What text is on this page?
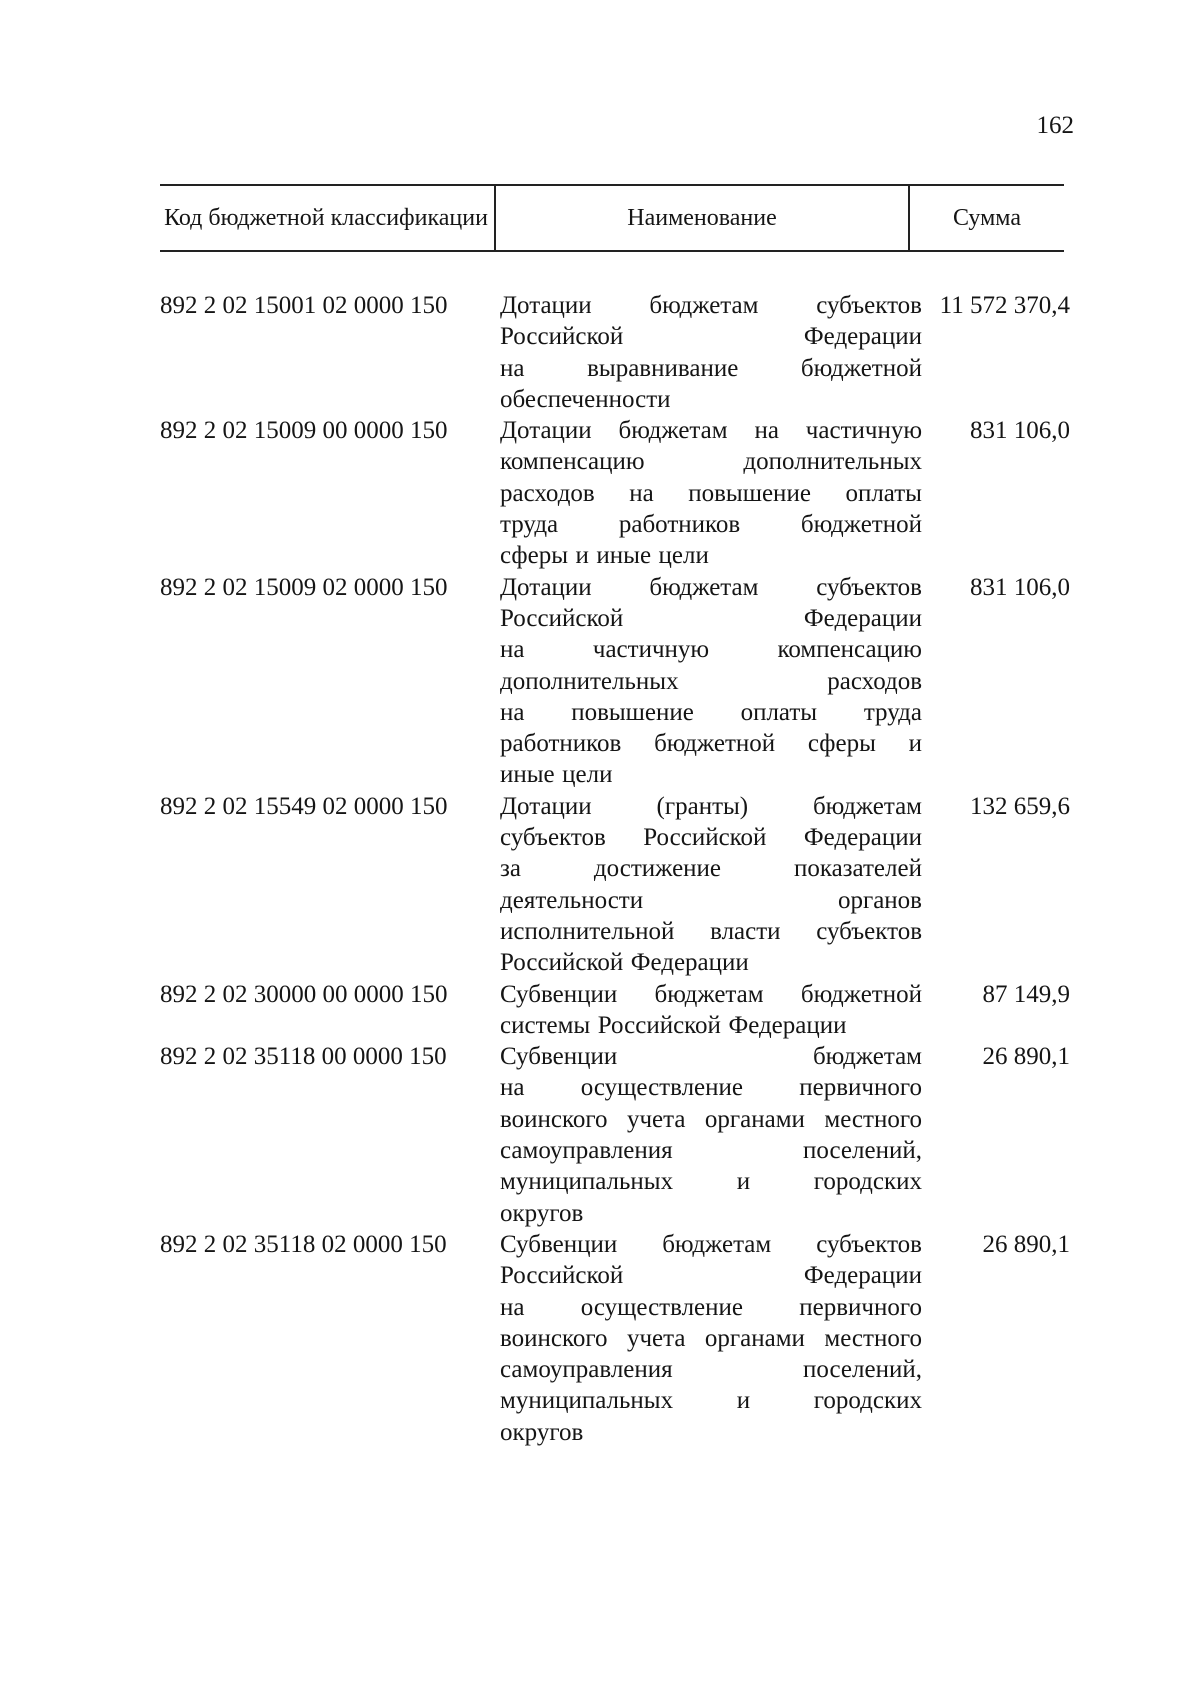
162
Код бюджетной классификации	Наименование	Сумма
892 2 02 15001 02 0000 150	Дотации бюджетам субъектов
Российской	Федерации
на	выравнивание	бюджетной
обеспеченности
11 572 370,4
892 2 02 15009 00 0000 150	Дотации бюджетам на частичную
компенсацию	дополнительных
расходов на повышение оплаты
труда работников бюджетной
сферы и иные цели
831 106,0
892 2 02 15009 02 0000 150	Дотации бюджетам субъектов
Российской	Федерации
на	частичную	компенсацию
дополнительных	расходов
на повышение оплаты труда
работников бюджетной сферы и
иные цели
831 106,0
892 2 02 15549 02 0000 150	Дотации	(гранты)	бюджетам
субъектов Российской Федерации
за	достижение	показателей
деятельности	органов
исполнительной власти субъектов
Российской Федерации
132 659,6
892 2 02 30000 00 0000 150	Субвенции бюджетам бюджетной
системы Российской Федерации
87 149,9
892 2 02 35118 00 0000 150	Субвенции	бюджетам
на осуществление первичного
воинского учета органами местного
самоуправления	поселений,
муниципальных	и	городских
округов
26 890,1
892 2 02 35118 02 0000 150	Субвенции бюджетам субъектов
Российской	Федерации
на осуществление первичного
воинского учета органами местного
самоуправления	поселений,
муниципальных	и	городских
округов
26 890,1
